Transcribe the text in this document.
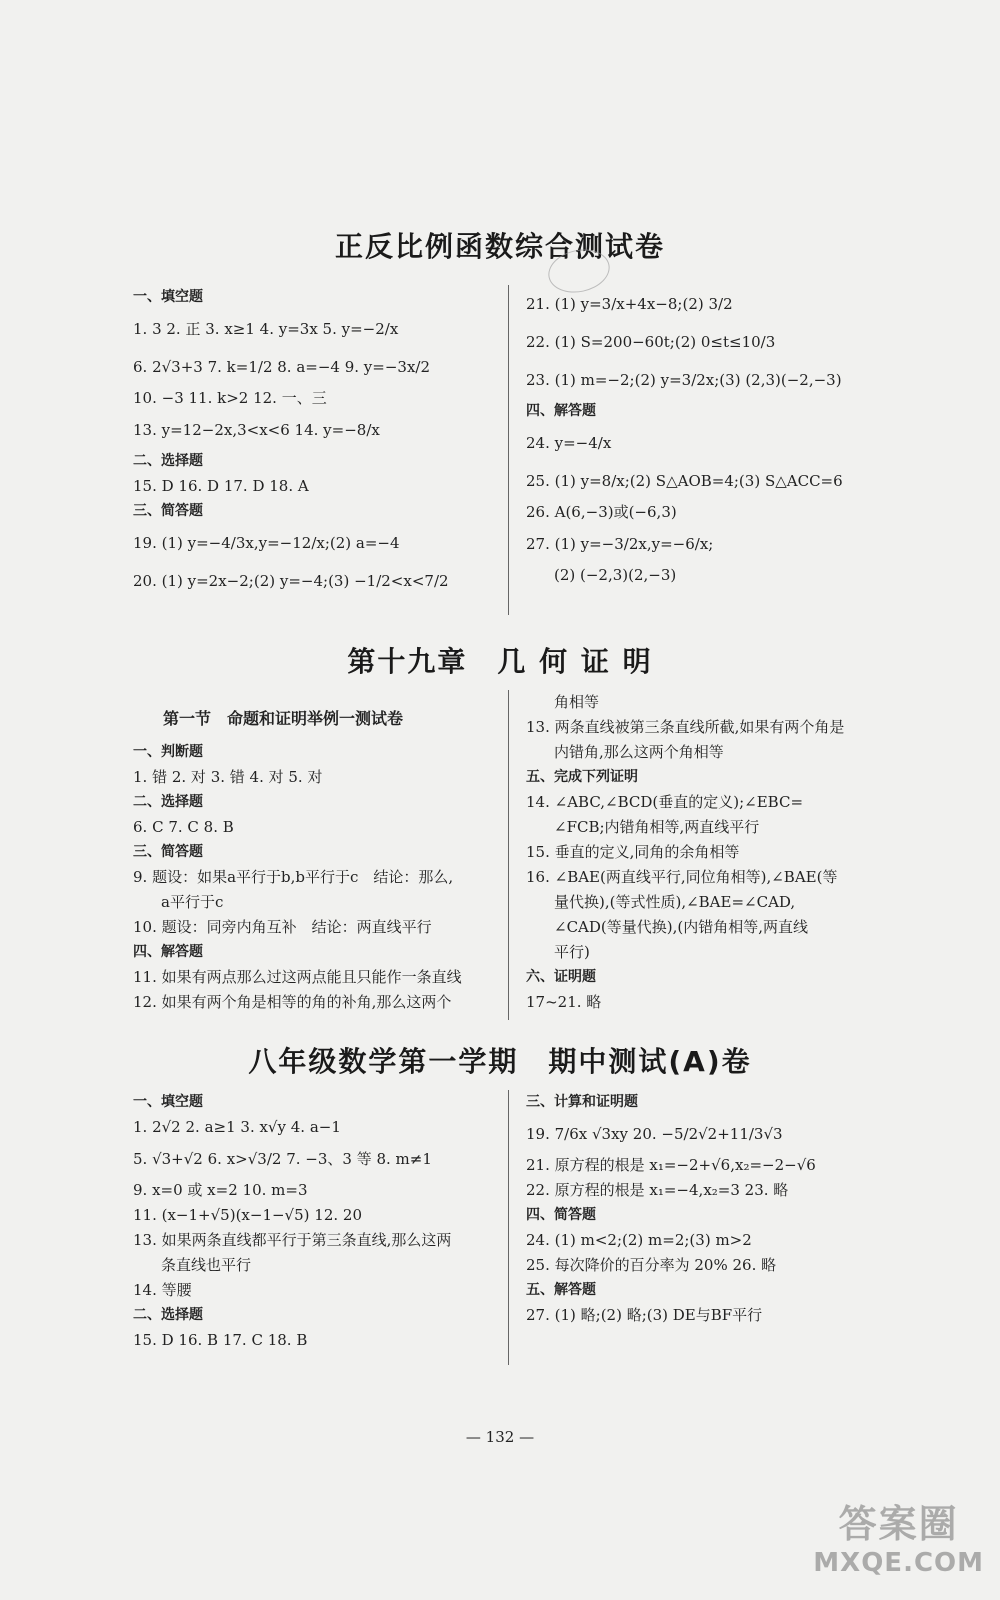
正反比例函数综合测试卷
一、填空题
1. 3 2. 正 3. x≥1 4. y=3x 5. y=−2/x
6. 2√3+3 7. k=1/2 8. a=−4 9. y=−3x/2
10. −3 11. k>2 12. 一、三
13. y=12−2x,3<x<6 14. y=−8/x
二、选择题
15. D 16. D 17. D 18. A
三、简答题
19. (1) y=−4/3x,y=−12/x;(2) a=−4
20. (1) y=2x−2;(2) y=−4;(3) −1/2<x<7/2
21. (1) y=3/x+4x−8;(2) 3/2
22. (1) S=200−60t;(2) 0≤t≤10/3
23. (1) m=−2;(2) y=3/2x;(3) (2,3)(−2,−3)
四、解答题
24. y=−4/x
25. (1) y=8/x;(2) S△AOB=4;(3) S△ACC=6
26. A(6,−3)或(−6,3)
27. (1) y=−3/2x,y=−6/x;
(2) (−2,3)(2,−3)
第十九章　几 何 证 明
第一节　命题和证明举例一测试卷
一、判断题
1. 错 2. 对 3. 错 4. 对 5. 对
二、选择题
6. C 7. C 8. B
三、简答题
9. 题设：如果a平行于b,b平行于c　结论：那么,
a平行于c
10. 题设：同旁内角互补　结论：两直线平行
四、解答题
11. 如果有两点那么过这两点能且只能作一条直线
12. 如果有两个角是相等的角的补角,那么这两个
角相等
13. 两条直线被第三条直线所截,如果有两个角是
内错角,那么这两个角相等
五、完成下列证明
14. ∠ABC,∠BCD(垂直的定义);∠EBC=
∠FCB;内错角相等,两直线平行
15. 垂直的定义,同角的余角相等
16. ∠BAE(两直线平行,同位角相等),∠BAE(等
量代换),(等式性质),∠BAE=∠CAD,
∠CAD(等量代换),(内错角相等,两直线
平行)
六、证明题
17~21. 略
八年级数学第一学期　期中测试(A)卷
一、填空题
1. 2√2 2. a≥1 3. x√y 4. a−1
5. √3+√2 6. x>√3/2 7. −3、3 等 8. m≠1
9. x=0 或 x=2 10. m=3
11. (x−1+√5)(x−1−√5) 12. 20
13. 如果两条直线都平行于第三条直线,那么这两
条直线也平行
14. 等腰
二、选择题
15. D 16. B 17. C 18. B
三、计算和证明题
19. 7/6x √3xy 20. −5/2√2+11/3√3
21. 原方程的根是 x₁=−2+√6,x₂=−2−√6
22. 原方程的根是 x₁=−4,x₂=3 23. 略
四、简答题
24. (1) m<2;(2) m=2;(3) m>2
25. 每次降价的百分率为 20% 26. 略
五、解答题
27. (1) 略;(2) 略;(3) DE与BF平行
— 132 —
答案圈
MXQE.COM
